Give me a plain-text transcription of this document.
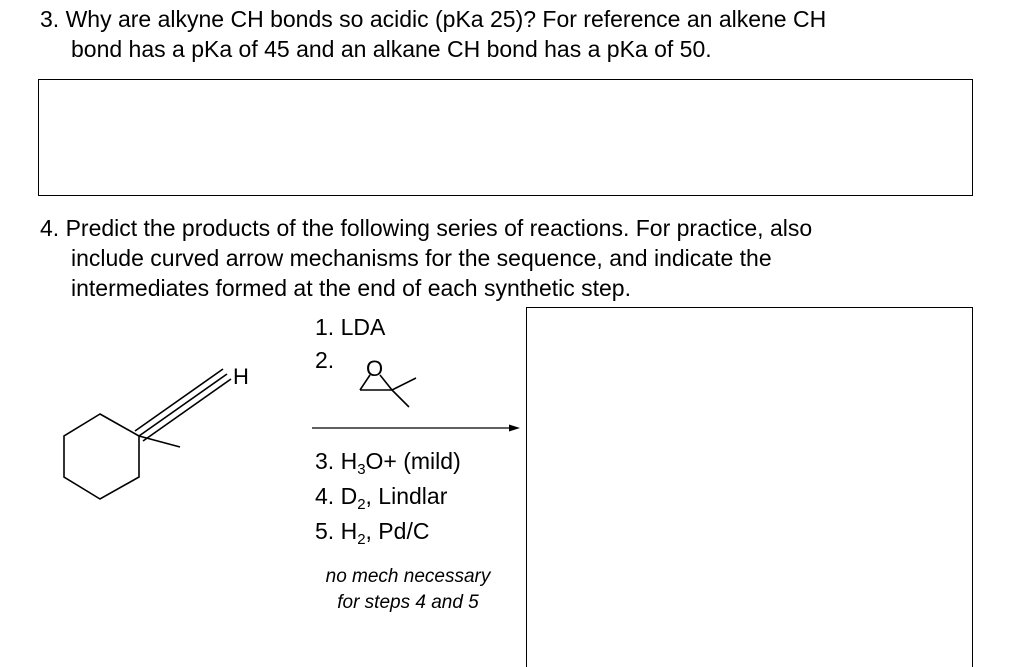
3. Why are alkyne CH bonds so acidic (pKa 25)? For reference an alkene CH
bond has a pKa of 45 and an alkane CH bond has a pKa of 50.
4. Predict the products of the following series of reactions. For practice, also
include curved arrow mechanisms for the sequence, and indicate the
intermediates formed at the end of each synthetic step.
1. LDA
2.
3. $H_3O+$ (mild)
4. $D_2$, Lindlar
5. $H_2$, Pd/C
no mech necessary
for steps 4 and 5
H	O
